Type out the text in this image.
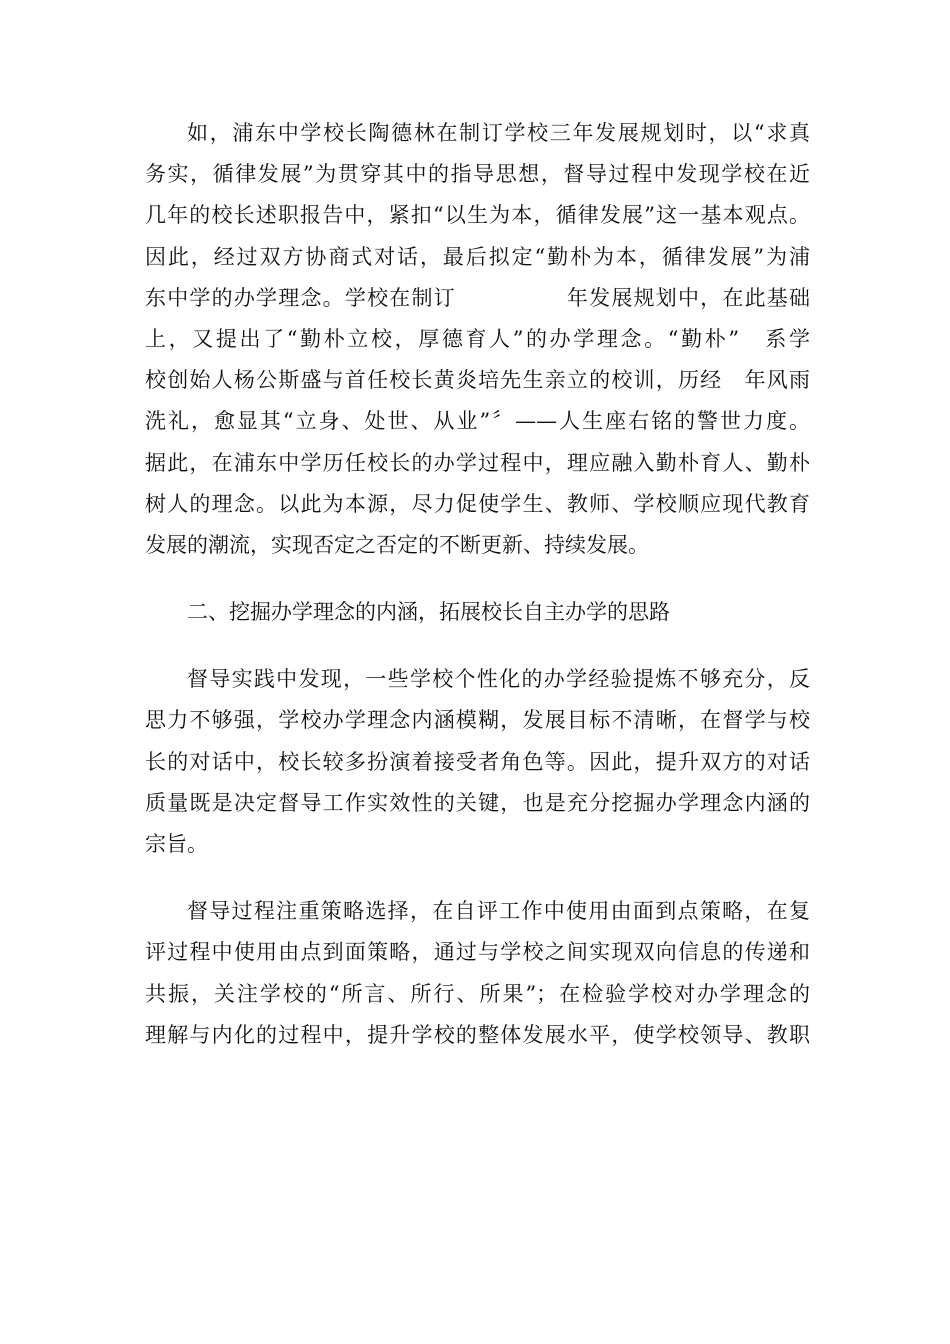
如，浦东中学校长陶德林在制订学校三年发展规划时，以“求真
务实，循律发展”为贯穿其中的指导思想，督导过程中发现学校在近
几年的校长述职报告中，紧扣“以生为本，循律发展”这一基本观点。
因此，经过双方协商式对话，最后拟定“勤朴为本，循律发展”为浦
东中学的办学理念。学校在制订　　　　　年发展规划中，在此基础
上，又提出了“勤朴立校，厚德育人”的办学理念。“勤朴”　系学
校创始人杨公斯盛与首任校长黄炎培先生亲立的校训，历经　年风雨
洗礼，愈显其“立身、处世、从业”〞——人生座右铭的警世力度。
据此，在浦东中学历任校长的办学过程中，理应融入勤朴育人、勤朴
树人的理念。以此为本源，尽力促使学生、教师、学校顺应现代教育
发展的潮流，实现否定之否定的不断更新、持续发展。
二、挖掘办学理念的内涵，拓展校长自主办学的思路
督导实践中发现，一些学校个性化的办学经验提炼不够充分，反
思力不够强，学校办学理念内涵模糊，发展目标不清晰，在督学与校
长的对话中，校长较多扮演着接受者角色等。因此，提升双方的对话
质量既是决定督导工作实效性的关键，也是充分挖掘办学理念内涵的
宗旨。
督导过程注重策略选择，在自评工作中使用由面到点策略，在复
评过程中使用由点到面策略，通过与学校之间实现双向信息的传递和
共振，关注学校的“所言、所行、所果”；在检验学校对办学理念的
理解与内化的过程中，提升学校的整体发展水平，使学校领导、教职
